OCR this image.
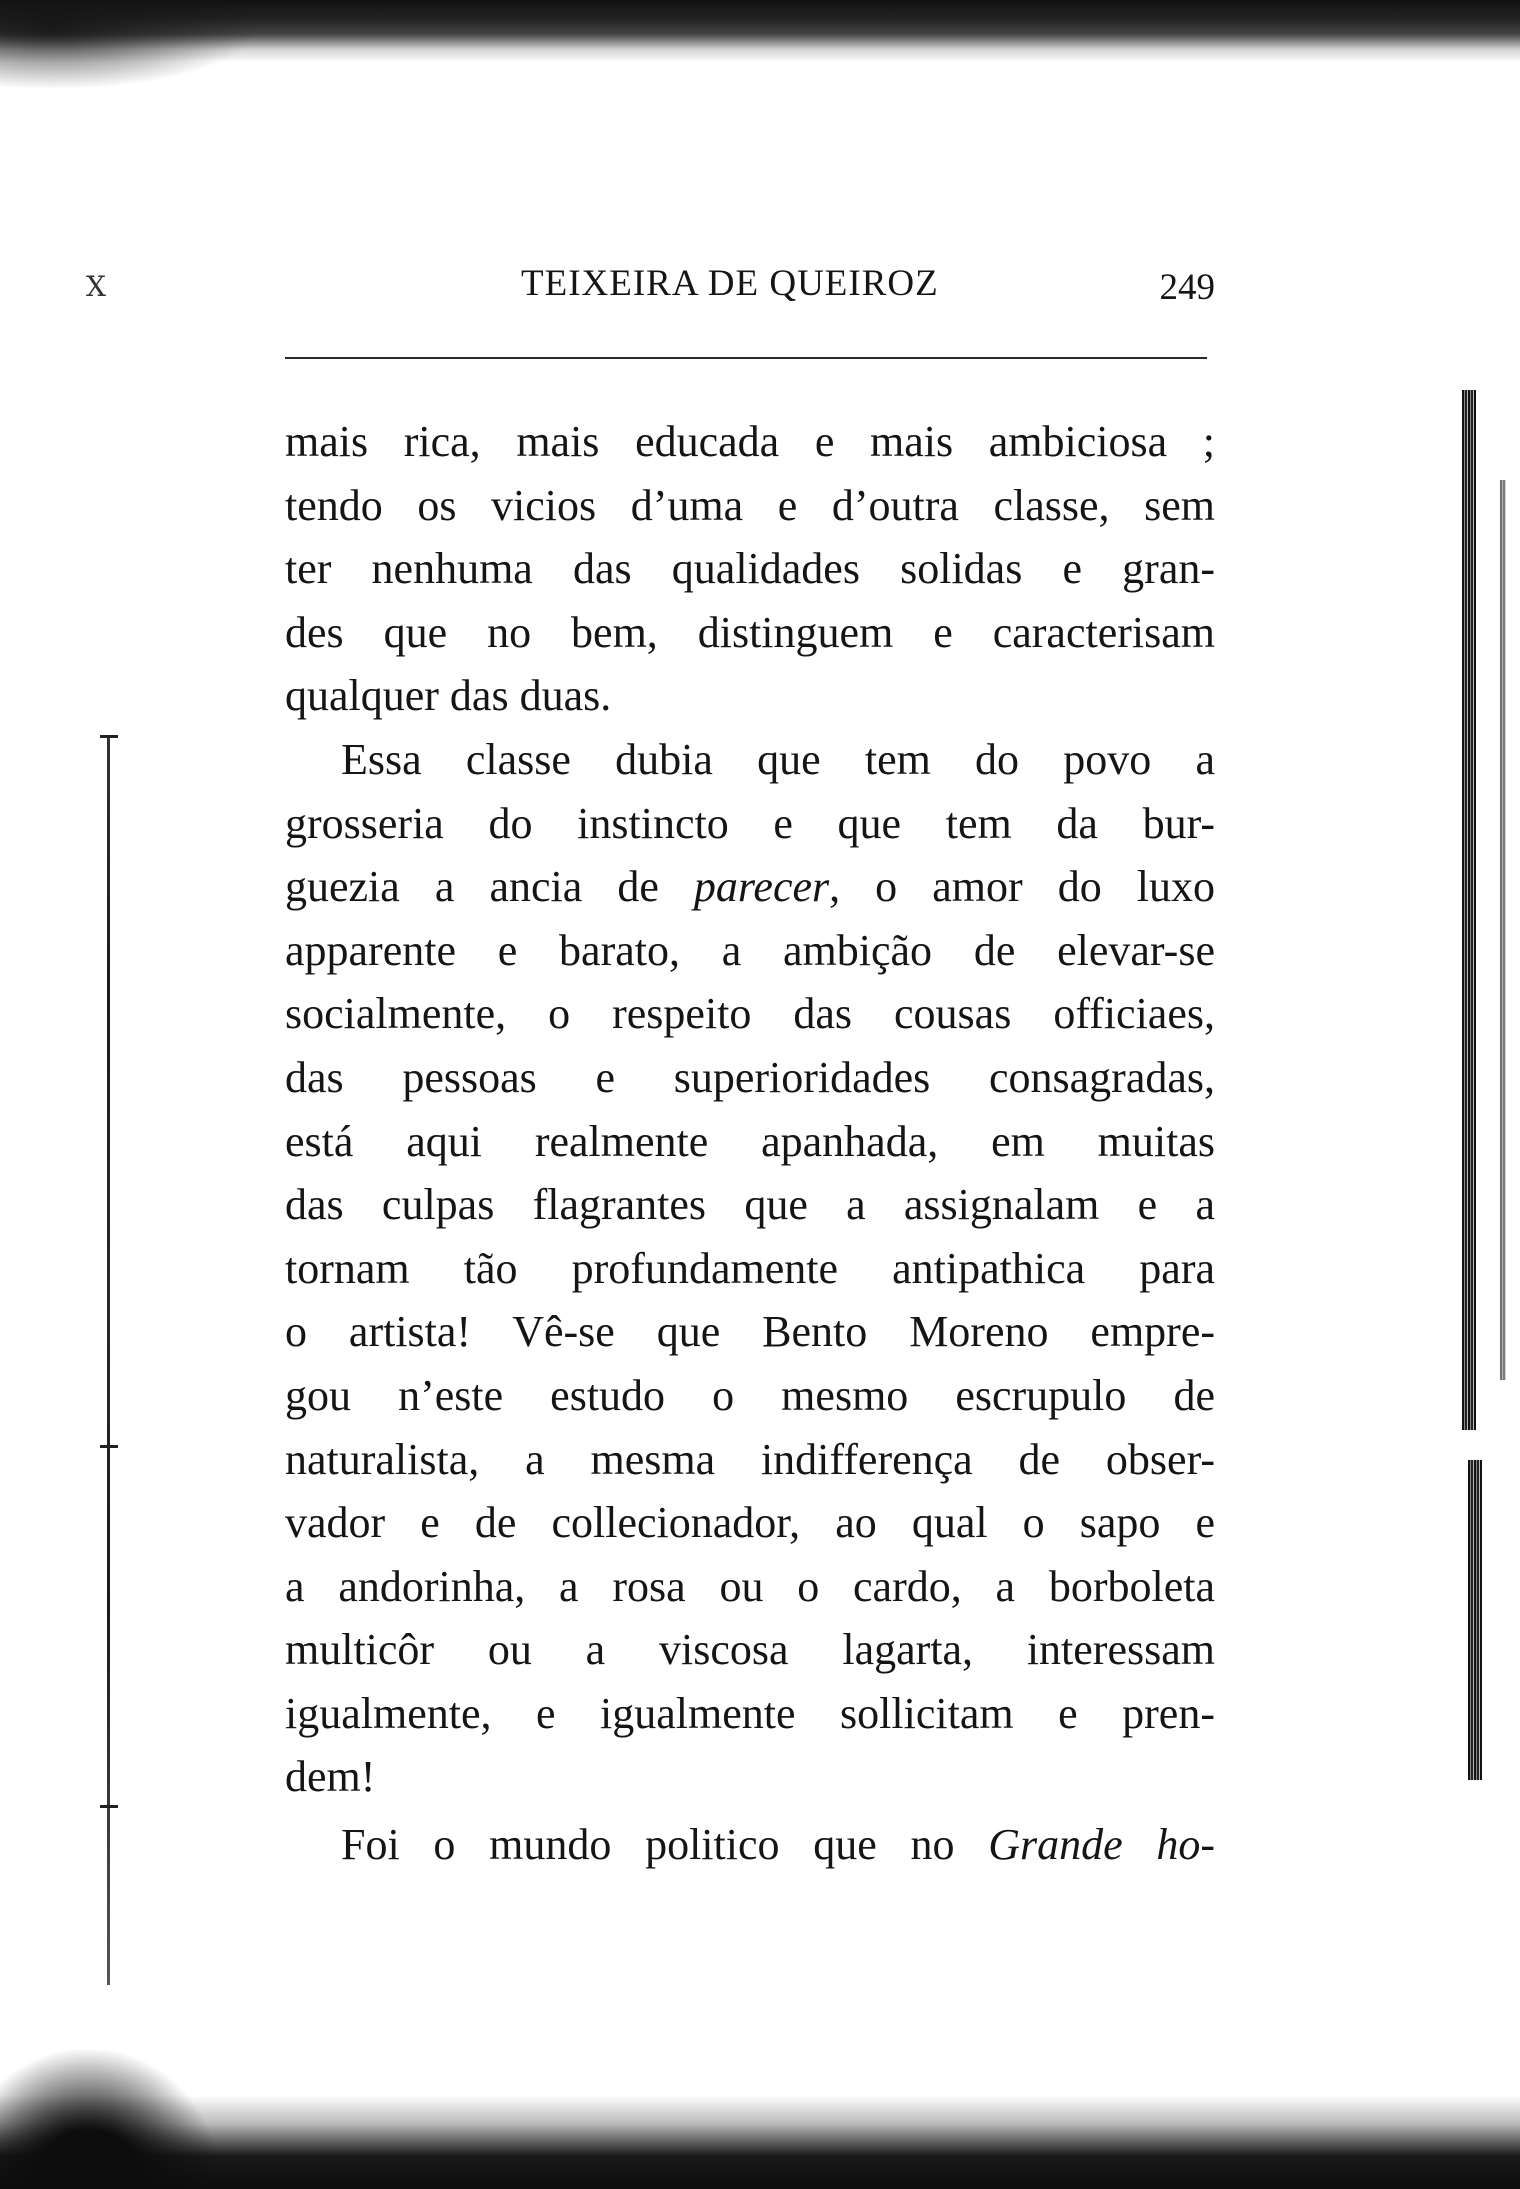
Ⅹ	TEIXEIRA DE QUEIROZ	249
mais rica, mais educada e mais ambiciosa ;
tendo os vicios d’uma e d’outra classe, sem
ter nenhuma das qualidades solidas e gran-
des que no bem, distinguem e caracterisam
qualquer das duas.
Essa classe dubia que tem do povo a
grosseria do instincto e que tem da bur-
guezia a ancia de parecer, o amor do luxo
apparente e barato, a ambição de elevar-se
socialmente, o respeito das cousas officiaes,
das pessoas e superioridades consagradas,
está aqui realmente apanhada, em muitas
das culpas flagrantes que a assignalam e a
tornam tão profundamente antipathica para
o artista! Vê-se que Bento Moreno empre-
gou n’este estudo o mesmo escrupulo de
naturalista, a mesma indifferença de obser-
vador e de collecionador, ao qual o sapo e
a andorinha, a rosa ou o cardo, a borboleta
multicôr ou a viscosa lagarta, interessam
igualmente, e igualmente sollicitam e pren-
dem!
Foi o mundo politico que no Grande ho-
